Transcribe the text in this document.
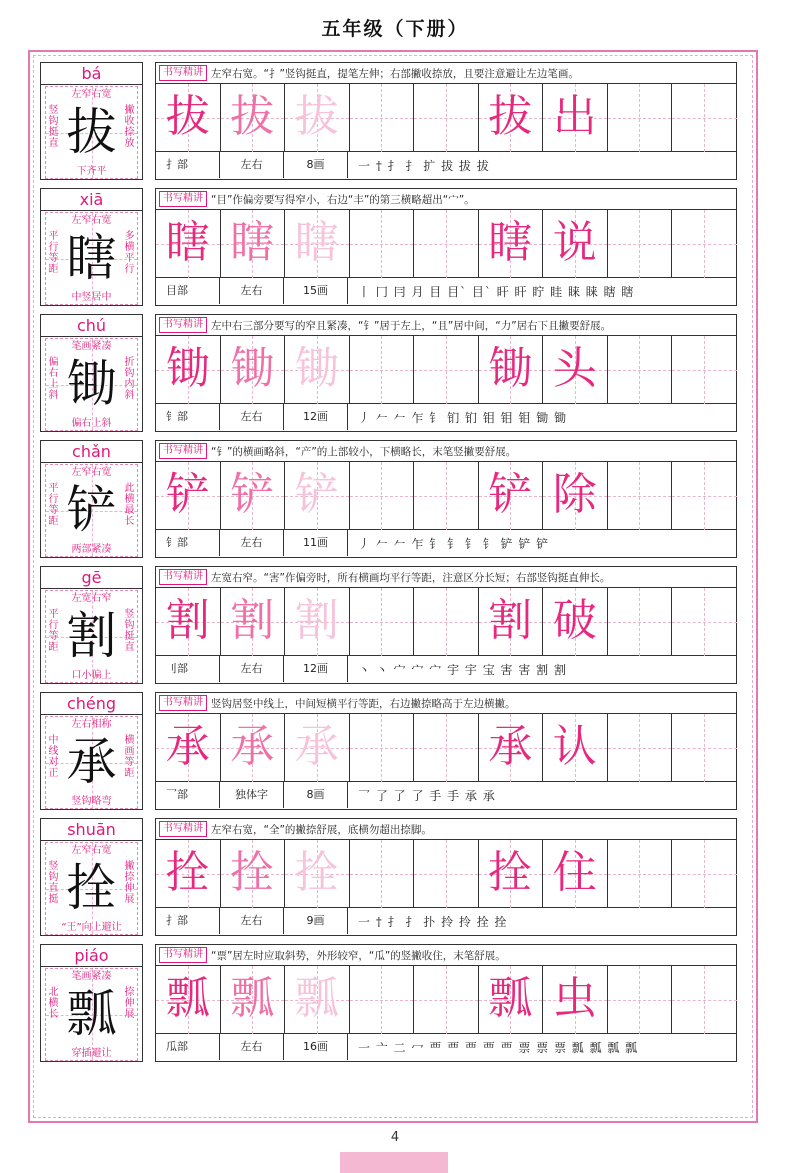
五年级（下册）
bá
左窄右宽
竖钩挺直
撇收捺放
下齐平
拔
书写精讲 左窄右宽。“扌”竖钩挺直，提笔左伸；右部撇收捺放，且要注意避让左边笔画。
拔 拔 拔	拔 出
扌部	左右	8画	一 † 扌 扌 扩 拔 拔 拔
xiā
左窄右宽
平行等距
多横平行
中竖居中
瞎
书写精讲 “目”作偏旁要写得窄小，右边“丰”的第三横略超出“宀”。
瞎 瞎 瞎	瞎 说
目部	左右	15画	丨 冂 冃 月 目 目` 目` 盰 盰 眝 眭 睐 睐 瞎 瞎
chú
笔画紧凑
偏右上斜
折钩内斜
偏右上斜
锄
书写精讲 左中右三部分要写的窄且紧凑，“钅”居于左上，“且”居中间，“力”居右下且撇要舒展。
锄 锄 锄	锄 头
钅部	左右	12画	丿 𠂉 𠂉 乍 钅 钔 钔 钼 钼 钼 锄 锄
chǎn
左窄右宽
平行等距
此横最长
两部紧凑
铲
书写精讲 “钅”的横画略斜，“产”的上部较小，下横略长，末笔竖撇要舒展。
铲 铲 铲	铲 除
钅部	左右	11画	丿 𠂉 𠂉 乍 钅 钅 钅 钅 铲 铲 铲
gē
左宽右窄
平行等距
竖钩挺直
口小偏上
割
书写精讲 左宽右窄。“害”作偏旁时，所有横画均平行等距，注意区分长短；右部竖钩挺直伸长。
割 割 割	割 破
刂部	左右	12画	丶 丶 宀 宀 宀 宇 宇 宝 害 害 割 割
chéng
左右相称
中线对正
横画等距
竖钩略弯
承
书写精讲 竖钩居竖中线上，中间短横平行等距，右边撇捺略高于左边横撇。
承 承 承	承 认
乛部	独体字	8画	乛 了 了 了 手 手 承 承
shuān
左窄右宽
竖钩直挺
撇捺伸展
“王”向上避让
拴
书写精讲 左窄右宽，“全”的撇捺舒展，底横勿超出捺脚。
拴 拴 拴	拴 住
扌部	左右	9画	一 † 扌 扌 扑 拎 拎 拴 拴
piáo
笔画紧凑
北横长
捺伸展
穿插避让
瓢
书写精讲 “票”居左时应取斜势，外形较窄，“瓜”的竖撇收住，末笔舒展。
瓢 瓢 瓢	瓢 虫
瓜部	左右	16画	一 亠 二 冖 覀 覀 覀 覀 覀 票 票 票 瓢 瓢 瓢 瓢
4
